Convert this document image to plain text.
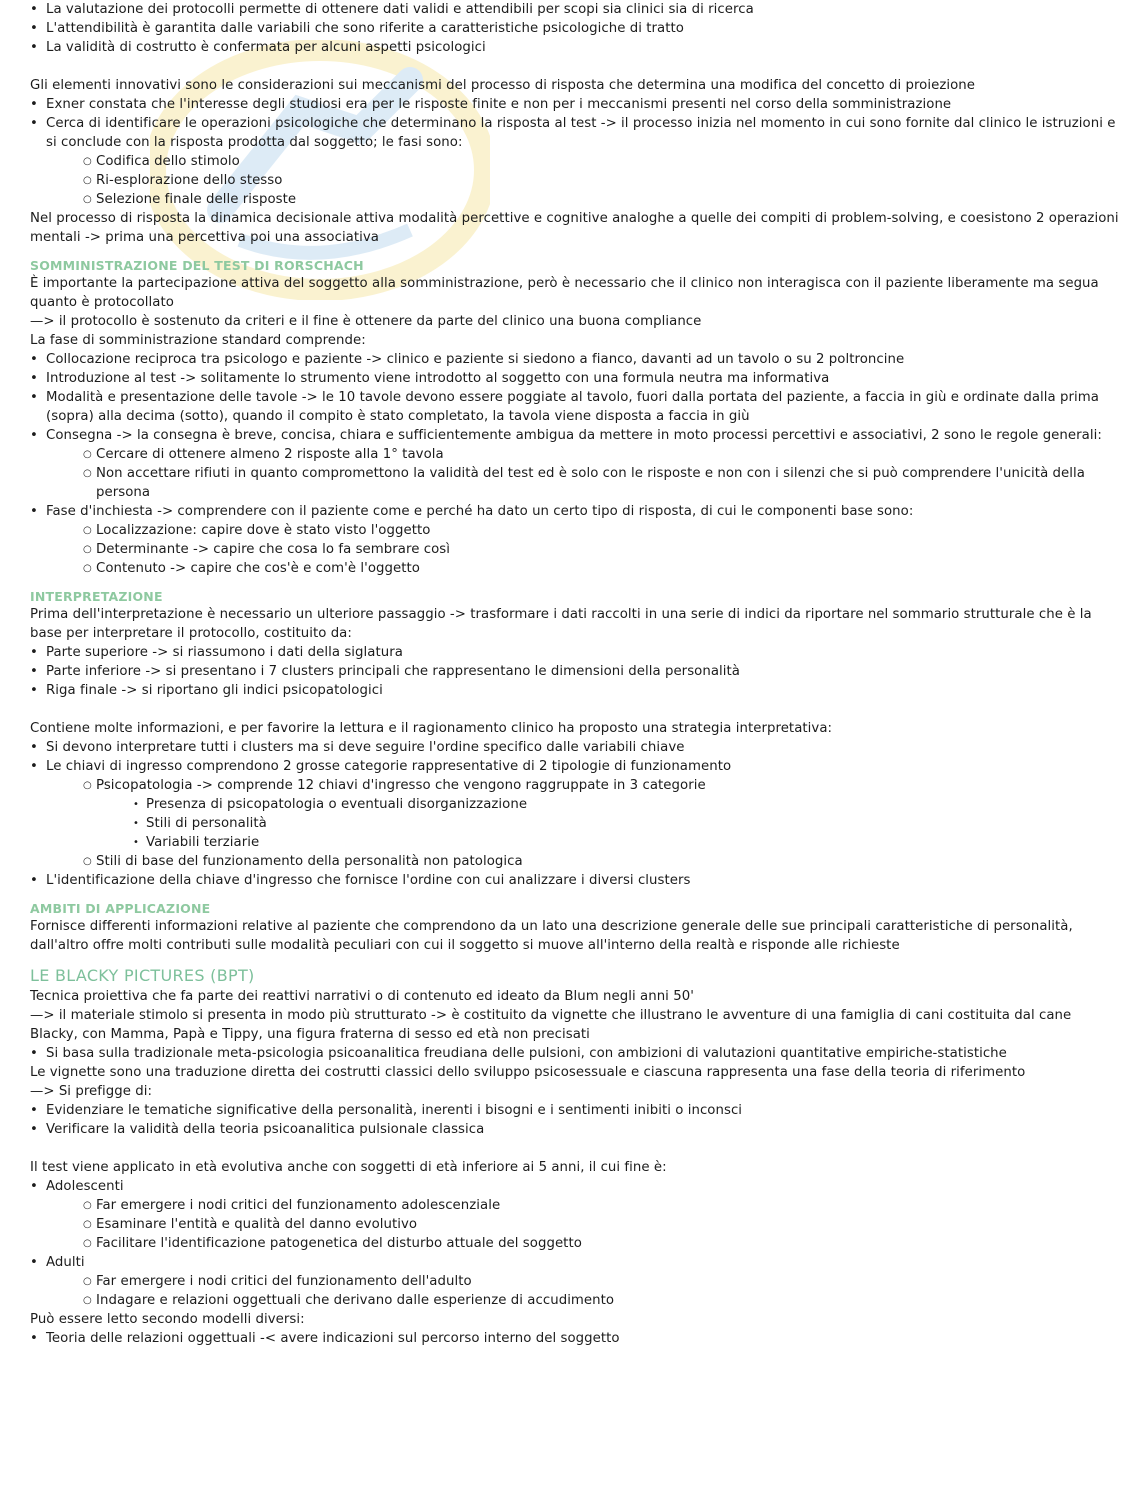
• La valutazione dei protocolli permette di ottenere dati validi e attendibili per scopi sia clinici sia di ricerca
• L'attendibilità è garantita dalle variabili che sono riferite a caratteristiche psicologiche di tratto
• La validità di costrutto è confermata per alcuni aspetti psicologici
Gli elementi innovativi sono le considerazioni sui meccanismi del processo di risposta che determina una modifica del concetto di proiezione
• Exner constata che l'interesse degli studiosi era per le risposte finite e non per i meccanismi presenti nel corso della somministrazione
• Cerca di identificare le operazioni psicologiche che determinano la risposta al test -> il processo inizia nel momento in cui sono fornite dal clinico le istruzioni e si conclude con la risposta prodotta dal soggetto; le fasi sono:
○ Codifica dello stimolo
○ Ri-esplorazione dello stesso
○ Selezione finale delle risposte
Nel processo di risposta la dinamica decisionale attiva modalità percettive e cognitive analoghe a quelle dei compiti di problem-solving, e coesistono 2 operazioni mentali -> prima una percettiva poi una associativa
SOMMINISTRAZIONE DEL TEST DI RORSCHACH
È importante la partecipazione attiva del soggetto alla somministrazione, però è necessario che il clinico non interagisca con il paziente liberamente ma segua quanto è protocollato
—> il protocollo è sostenuto da criteri e il fine è ottenere da parte del clinico una buona compliance
La fase di somministrazione standard comprende:
• Collocazione reciproca tra psicologo e paziente -> clinico e paziente si siedono a fianco, davanti ad un tavolo o su 2 poltroncine
• Introduzione al test -> solitamente lo strumento viene introdotto al soggetto con una formula neutra ma informativa
• Modalità e presentazione delle tavole -> le 10 tavole devono essere poggiate al tavolo, fuori dalla portata del paziente, a faccia in giù e ordinate dalla prima (sopra) alla decima (sotto), quando il compito è stato completato, la tavola viene disposta a faccia in giù
• Consegna -> la consegna è breve, concisa, chiara e sufficientemente ambigua da mettere in moto processi percettivi e associativi, 2 sono le regole generali:
○ Cercare di ottenere almeno 2 risposte alla 1° tavola
○ Non accettare rifiuti in quanto compromettono la validità del test ed è solo con le risposte e non con i silenzi che si può comprendere l'unicità della persona
• Fase d'inchiesta -> comprendere con il paziente come e perché ha dato un certo tipo di risposta, di cui le componenti base sono:
○ Localizzazione: capire dove è stato visto l'oggetto
○ Determinante -> capire che cosa lo fa sembrare così
○ Contenuto -> capire che cos'è e com'è l'oggetto
INTERPRETAZIONE
Prima dell'interpretazione è necessario un ulteriore passaggio -> trasformare i dati raccolti in una serie di indici da riportare nel sommario strutturale che è la base per interpretare il protocollo, costituito da:
• Parte superiore -> si riassumono i dati della siglatura
• Parte inferiore -> si presentano i 7 clusters principali che rappresentano le dimensioni della personalità
• Riga finale -> si riportano gli indici psicopatologici
Contiene molte informazioni, e per favorire la lettura e il ragionamento clinico ha proposto una strategia interpretativa:
• Si devono interpretare tutti i clusters ma si deve seguire l'ordine specifico dalle variabili chiave
• Le chiavi di ingresso comprendono 2 grosse categorie rappresentative di 2 tipologie di funzionamento
○ Psicopatologia -> comprende 12 chiavi d'ingresso che vengono raggruppate in 3 categorie
• Presenza di psicopatologia o eventuali disorganizzazione
• Stili di personalità
• Variabili terziarie
○ Stili di base del funzionamento della personalità non patologica
• L'identificazione della chiave d'ingresso che fornisce l'ordine con cui analizzare i diversi clusters
AMBITI DI APPLICAZIONE
Fornisce differenti informazioni relative al paziente che comprendono da un lato una descrizione generale delle sue principali caratteristiche di personalità, dall'altro offre molti contributi sulle modalità peculiari con cui il soggetto si muove all'interno della realtà e risponde alle richieste
LE BLACKY PICTURES (BPT)
Tecnica proiettiva che fa parte dei reattivi narrativi o di contenuto ed ideato da Blum negli anni 50'
—> il materiale stimolo si presenta in modo più strutturato -> è costituito da vignette che illustrano le avventure di una famiglia di cani costituita dal cane Blacky, con Mamma, Papà e Tippy, una figura fraterna di sesso ed età non precisati
• Si basa sulla tradizionale meta-psicologia psicoanalitica freudiana delle pulsioni, con ambizioni di valutazioni quantitative empiriche-statistiche
Le vignette sono una traduzione diretta dei costrutti classici dello sviluppo psicosessuale e ciascuna rappresenta una fase della teoria di riferimento
—> Si prefigge di:
• Evidenziare le tematiche significative della personalità, inerenti i bisogni e i sentimenti inibiti o inconsci
• Verificare la validità della teoria psicoanalitica pulsionale classica
Il test viene applicato in età evolutiva anche con soggetti di età inferiore ai 5 anni, il cui fine è:
• Adolescenti
○ Far emergere i nodi critici del funzionamento adolescenziale
○ Esaminare l'entità e qualità del danno evolutivo
○ Facilitare l'identificazione patogenetica del disturbo attuale del soggetto
• Adulti
○ Far emergere i nodi critici del funzionamento dell'adulto
○ Indagare e relazioni oggettuali che derivano dalle esperienze di accudimento
Può essere letto secondo modelli diversi:
• Teoria delle relazioni oggettuali -< avere indicazioni sul percorso interno del soggetto
